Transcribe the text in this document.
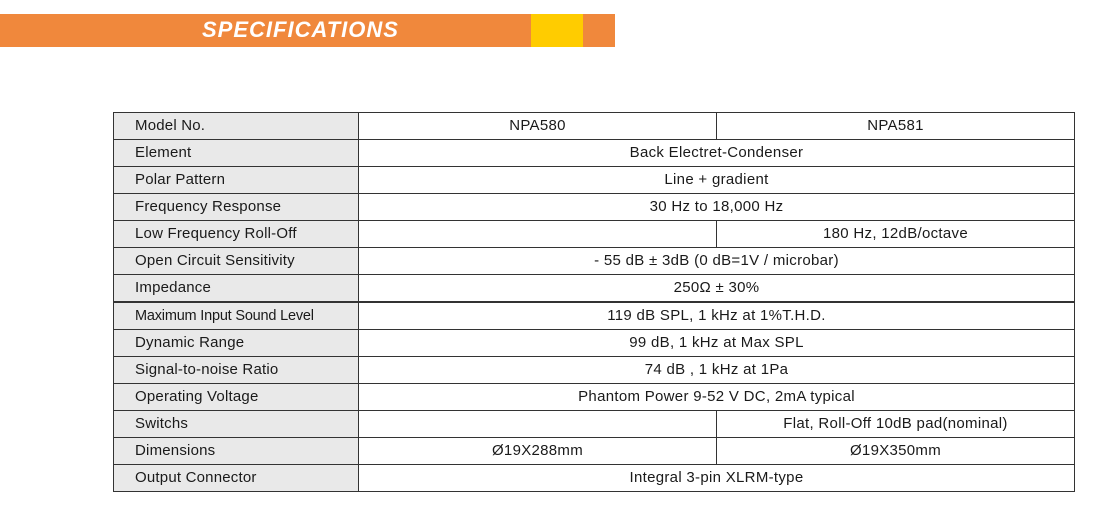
SPECIFICATIONS
Model No.	NPA580	NPA581
Element	Back Electret-Condenser	
Polar Pattern	Line + gradient	
Frequency Response	30 Hz to 18,000 Hz	
Low Frequency Roll-Off		180 Hz, 12dB/octave
Open Circuit Sensitivity	- 55 dB ± 3dB (0 dB=1V / microbar)	
Impedance	250Ω ± 30%	
Maximum Input Sound Level	119 dB SPL, 1 kHz at 1%T.H.D.	
Dynamic Range	99 dB, 1 kHz at Max SPL	
Signal-to-noise Ratio	74 dB , 1 kHz at 1Pa	
Operating Voltage	Phantom Power 9-52 V DC, 2mA typical	
Switchs		Flat, Roll-Off 10dB pad(nominal)
Dimensions	Ø19X288mm	Ø19X350mm
Output Connector	Integral 3-pin XLRM-type	
